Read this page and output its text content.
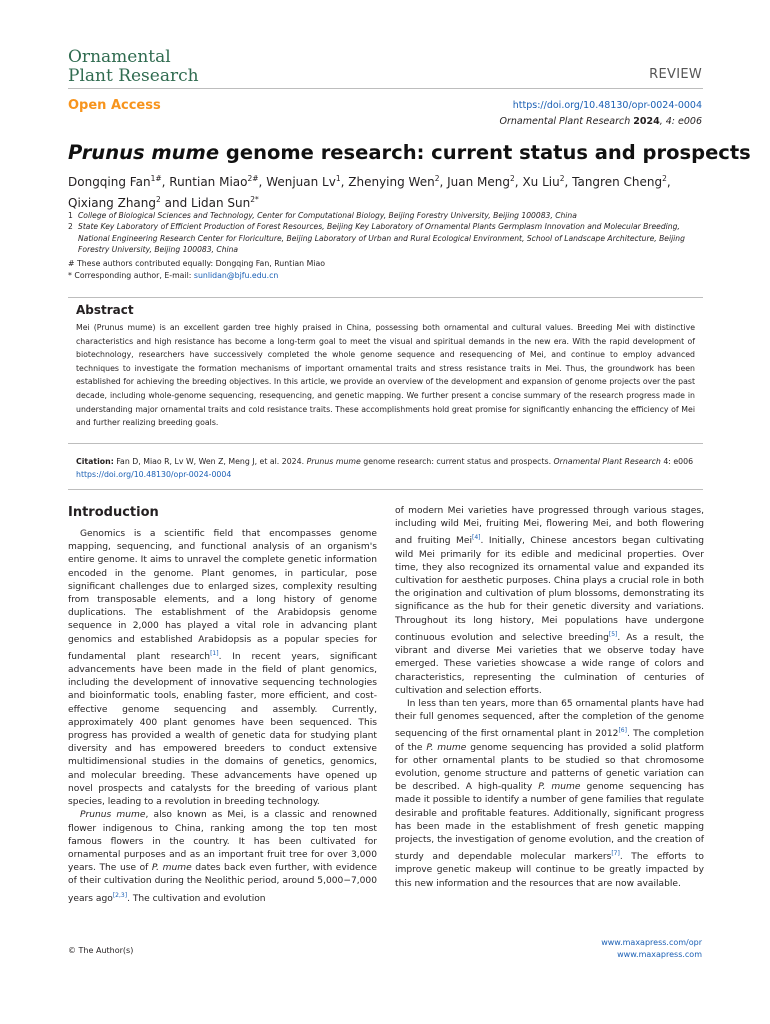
Ornamental
Plant Research	REVIEW
Open Access	https://doi.org/10.48130/opr-0024-0004
Ornamental Plant Research 2024, 4: e006
Prunus mume genome research: current status and prospects
Dongqing Fan$^{1\#}$, Runtian Miao$^{2\#}$, Wenjuan Lv$^1$, Zhenying Wen$^2$, Juan Meng$^2$, Xu Liu$^2$, Tangren Cheng$^2$, Qixiang Zhang$^2$ and Lidan Sun$^{2*}$
1 College of Biological Sciences and Technology, Center for Computational Biology, Beijing Forestry University, Beijing 100083, China
2 State Key Laboratory of Efficient Production of Forest Resources, Beijing Key Laboratory of Ornamental Plants Germplasm Innovation and Molecular Breeding, National Engineering Research Center for Floriculture, Beijing Laboratory of Urban and Rural Ecological Environment, School of Landscape Architecture, Beijing Forestry University, Beijing 100083, China
# These authors contributed equally: Dongqing Fan, Runtian Miao
* Corresponding author, E-mail: sunlidan@bjfu.edu.cn
Abstract
Mei (Prunus mume) is an excellent garden tree highly praised in China, possessing both ornamental and cultural values. Breeding Mei with distinctive characteristics and high resistance has become a long-term goal to meet the visual and spiritual demands in the new era. With the rapid development of biotechnology, researchers have successively completed the whole genome sequence and resequencing of Mei, and continue to employ advanced techniques to investigate the formation mechanisms of important ornamental traits and stress resistance traits in Mei. Thus, the groundwork has been established for achieving the breeding objectives. In this article, we provide an overview of the development and expansion of genome projects over the past decade, including whole-genome sequencing, resequencing, and genetic mapping. We further present a concise summary of the research progress made in understanding major ornamental traits and cold resistance traits. These accomplishments hold great promise for significantly enhancing the efficiency of Mei and further realizing breeding goals.
Citation: Fan D, Miao R, Lv W, Wen Z, Meng J, et al. 2024. Prunus mume genome research: current status and prospects. Ornamental Plant Research 4: e006 https://doi.org/10.48130/opr-0024-0004
Introduction

Genomics is a scientific field that encompasses genome mapping, sequencing, and functional analysis of an organism's entire genome. It aims to unravel the complete genetic information encoded in the genome. Plant genomes, in particular, pose significant challenges due to enlarged sizes, complexity resulting from transposable elements, and a long history of genome duplications. The establishment of the Arabidopsis genome sequence in 2,000 has played a vital role in advancing plant genomics and established Arabidopsis as a popular species for fundamental plant research[1]. In recent years, significant advancements have been made in the field of plant genomics, including the development of innovative sequencing technologies and bioinformatic tools, enabling faster, more efficient, and cost-effective genome sequencing and assembly. Currently, approximately 400 plant genomes have been sequenced. This progress has provided a wealth of genetic data for studying plant diversity and has empowered breeders to conduct extensive multidimensional studies in the domains of genetics, genomics, and molecular breeding. These advancements have opened up novel prospects and catalysts for the breeding of various plant species, leading to a revolution in breeding technology.

Prunus mume, also known as Mei, is a classic and renowned flower indigenous to China, ranking among the top ten most famous flowers in the country. It has been cultivated for ornamental purposes and as an important fruit tree for over 3,000 years. The use of P. mume dates back even further, with evidence of their cultivation during the Neolithic period, around 5,000−7,000 years ago[2,3]. The cultivation and evolution

of modern Mei varieties have progressed through various stages, including wild Mei, fruiting Mei, flowering Mei, and both flowering and fruiting Mei[4]. Initially, Chinese ancestors began cultivating wild Mei primarily for its edible and medicinal properties. Over time, they also recognized its ornamental value and expanded its cultivation for aesthetic purposes. China plays a crucial role in both the origination and cultivation of plum blossoms, demonstrating its significance as the hub for their genetic diversity and variations. Throughout its long history, Mei populations have undergone continuous evolution and selective breeding[5]. As a result, the vibrant and diverse Mei varieties that we observe today have emerged. These varieties showcase a wide range of colors and characteristics, representing the culmination of centuries of cultivation and selection efforts.

In less than ten years, more than 65 ornamental plants have had their full genomes sequenced, after the completion of the genome sequencing of the first ornamental plant in 2012[6]. The completion of the P. mume genome sequencing has provided a solid platform for other ornamental plants to be studied so that chromosome evolution, genome structure and patterns of genetic variation can be described. A high-quality P. mume genome sequencing has made it possible to identify a number of gene families that regulate desirable and profitable features. Additionally, significant progress has been made in the establishment of fresh genetic mapping projects, the investigation of genome evolution, and the creation of sturdy and dependable molecular markers[7]. The efforts to improve genetic makeup will continue to be greatly impacted by this new information and the resources that are now available.

© The Author(s)
www.maxapress.com/opr
www.maxapress.com
